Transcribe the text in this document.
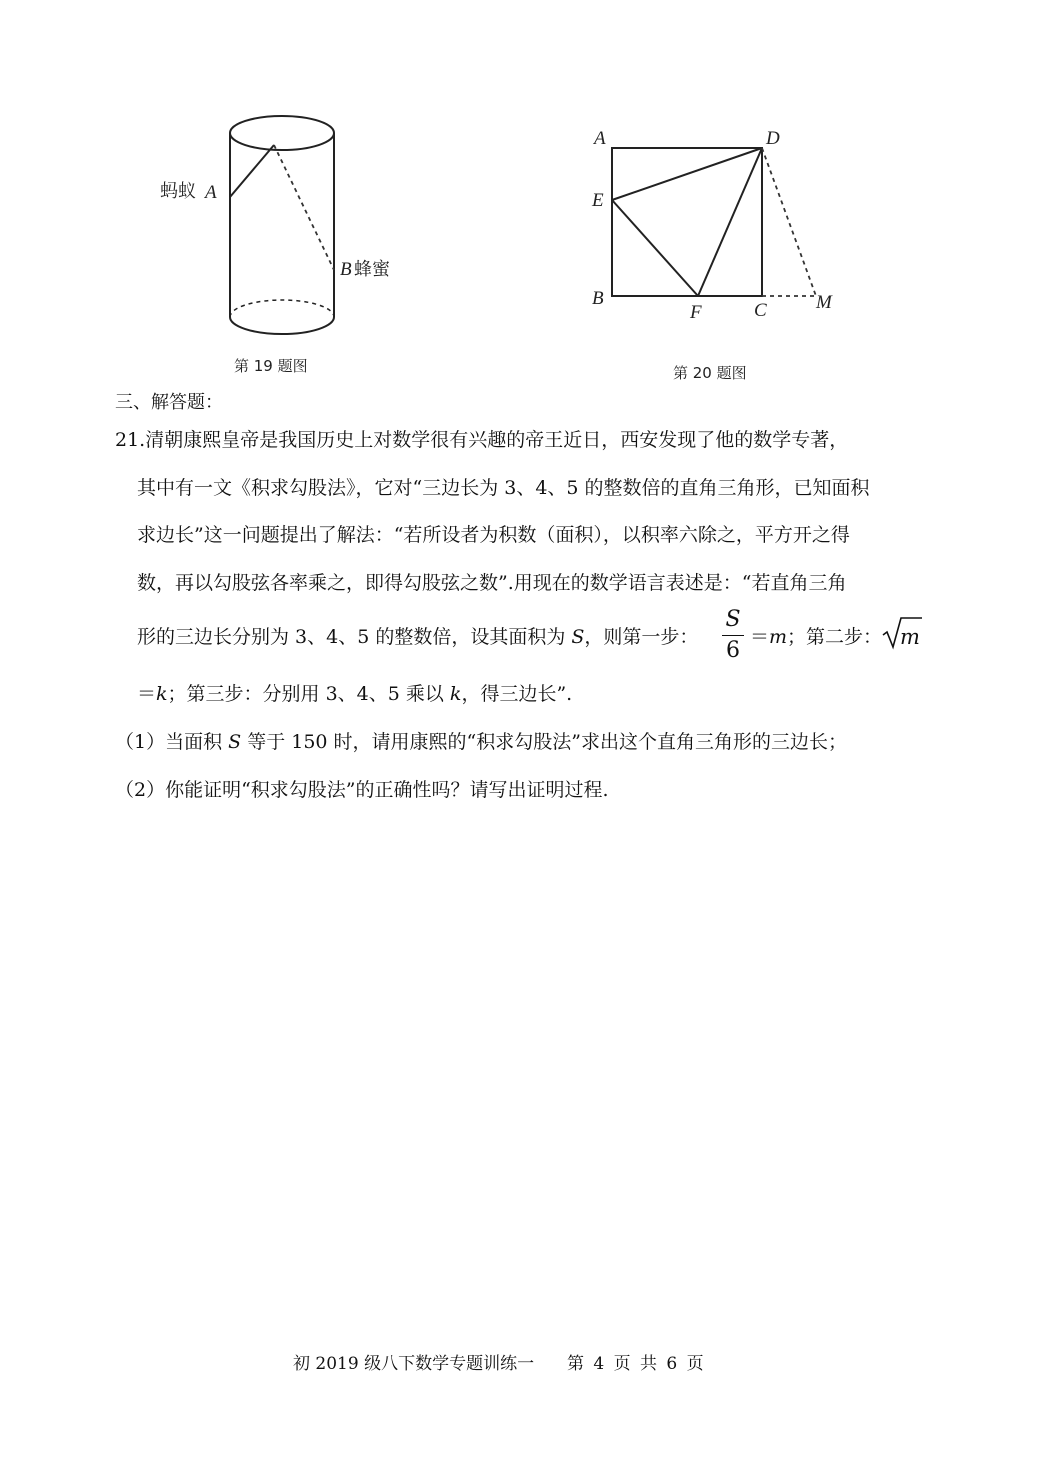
蚂蚁 A
B 蜂蜜
第 19 题图
A	D
E
B
F	C	M
第 20 题图
三、解答题：
21.清朝康熙皇帝是我国历史上对数学很有兴趣的帝王近日，西安发现了他的数学专著，
其中有一文《积求勾股法》，它对“三边长为 3、4、5 的整数倍的直角三角形，已知面积
求边长”这一问题提出了解法：“若所设者为积数（面积），以积率六除之，平方开之得
数，再以勾股弦各率乘之，即得勾股弦之数”.用现在的数学语言表述是：“若直角三角
形的三边长分别为 3、4、5 的整数倍，设其面积为 S，则第一步：
S
6
＝m；第二步： m
＝k；第三步：分别用 3、4、5 乘以 k，得三边长”.
（1）当面积 S 等于 150 时，请用康熙的“积求勾股法”求出这个直角三角形的三边长；
（2）你能证明“积求勾股法”的正确性吗？请写出证明过程.
初 2019 级八下数学专题训练一 第 4 页 共 6 页
